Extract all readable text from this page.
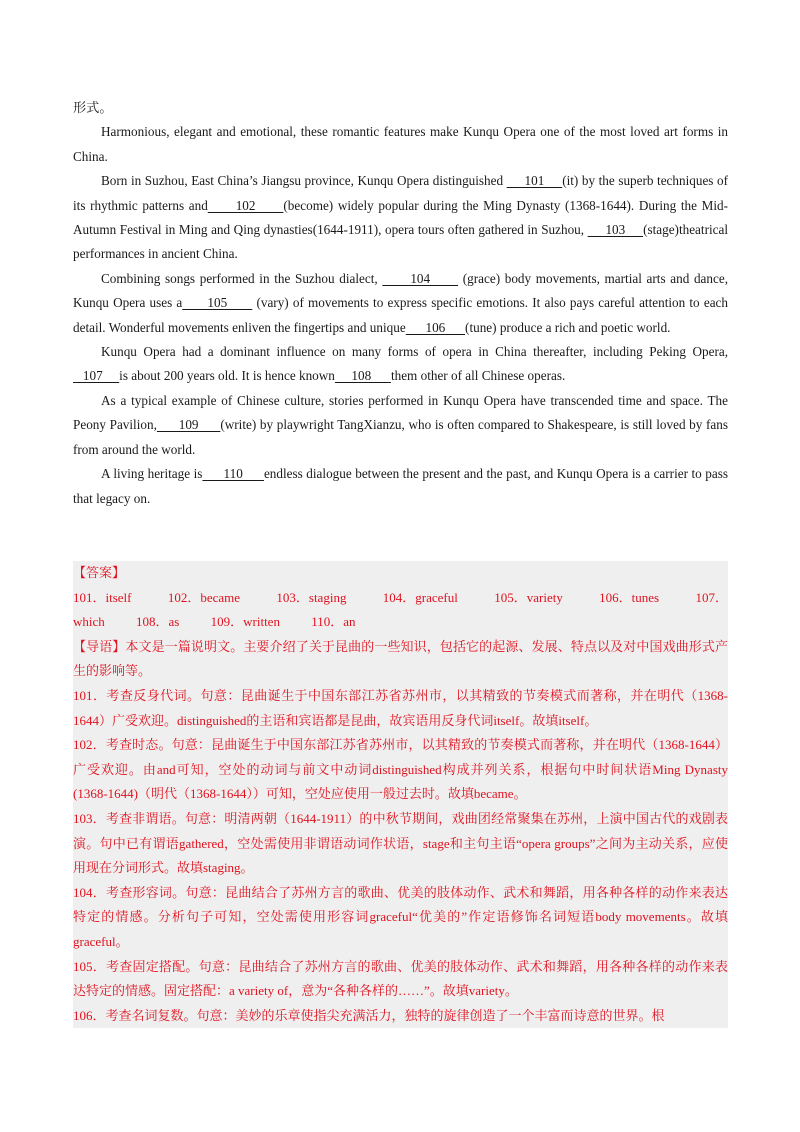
形式。

Harmonious, elegant and emotional, these romantic features make Kunqu Opera one of the most loved art forms in China.

Born in Suzhou, East China’s Jiangsu province, Kunqu Opera distinguished      101     (it) by the superb techniques of its rhythmic patterns and      102      (become) widely popular during the Ming Dynasty (1368-1644). During the Mid-Autumn Festival in Ming and Qing dynasties(1644-1911), opera tours often gathered in Suzhou,      103     (stage)theatrical performances in ancient China.

Combining songs performed in the Suzhou dialect,       104       (grace) body movements, martial arts and dance, Kunqu Opera uses a      105       (vary) of movements to express specific emotions. It also pays careful attention to each detail. Wonderful movements enliven the fingertips and unique      106      (tune) produce a rich and poetic world.

Kunqu Opera had a dominant influence on many forms of opera in China thereafter, including Peking Opera,    107     is about 200 years old. It is hence known     108      them other of all Chinese operas.

As a typical example of Chinese culture, stories performed in Kunqu Opera have transcended time and space. The Peony Pavilion,      109      (write) by playwright TangXianzu, who is often compared to Shakespeare, is still loved by fans from around the world.

A living heritage is      110      endless dialogue between the present and the past, and Kunqu Opera is a carrier to pass that legacy on.

【答案】

101．itself	102．became	103．staging	104．graceful	105．variety	106．tunes	107．
which 108．as 109．written 110．an

【导语】本文是一篇说明文。主要介绍了关于昆曲的一些知识，包括它的起源、发展、特点以及对中国戏曲形式产生的影响等。

101．考查反身代词。句意：昆曲诞生于中国东部江苏省苏州市，以其精致的节奏模式而著称，并在明代（1368-1644）广受欢迎。distinguished的主语和宾语都是昆曲，故宾语用反身代词itself。故填itself。

102．考查时态。句意：昆曲诞生于中国东部江苏省苏州市，以其精致的节奏模式而著称，并在明代（1368-1644）广受欢迎。由and可知，空处的动词与前文中动词distinguished构成并列关系，根据句中时间状语Ming Dynasty (1368-1644)（明代（1368-1644））可知，空处应使用一般过去时。故填became。

103．考查非谓语。句意：明清两朝（1644-1911）的中秋节期间，戏曲团经常聚集在苏州，上演中国古代的戏剧表演。句中已有谓语gathered，空处需使用非谓语动词作状语，stage和主句主语“opera groups”之间为主动关系，应使用现在分词形式。故填staging。

104．考查形容词。句意：昆曲结合了苏州方言的歌曲、优美的肢体动作、武术和舞蹈，用各种各样的动作来表达特定的情感。分析句子可知，空处需使用形容词graceful“优美的”作定语修饰名词短语body movements。故填graceful。

105．考查固定搭配。句意：昆曲结合了苏州方言的歌曲、优美的肢体动作、武术和舞蹈，用各种各样的动作来表达特定的情感。固定搭配：a variety of，意为“各种各样的……”。故填variety。

106．考查名词复数。句意：美妙的乐章使指尖充满活力，独特的旋律创造了一个丰富而诗意的世界。根
